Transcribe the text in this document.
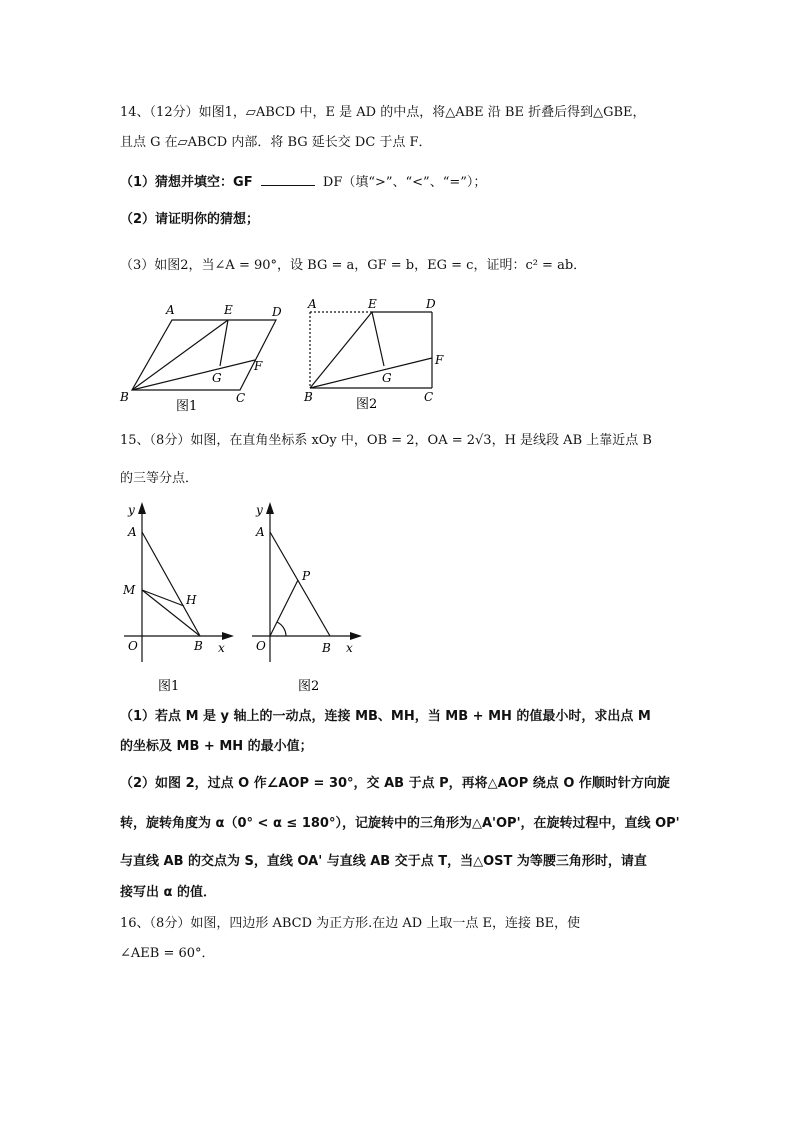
14、（12分）如图1，▱ABCD 中，E 是 AD 的中点，将△ABE 沿 BE 折叠后得到△GBE，
且点 G 在▱ABCD 内部．将 BG 延长交 DC 于点 F．
（1）猜想并填空：GF	DF（填“>”、“<”、“=”）；
（2）请证明你的猜想；
（3）如图2，当∠A = 90°，设 BG = a，GF = b，EG = c，证明：c² = ab．
A	E	D
F
G
B	C
图1
A	E	D
F
G
B	C
图2
15、（8分）如图，在直角坐标系 xOy 中，OB = 2，OA = 2√3，H 是线段 AB 上靠近点 B
的三等分点．
y
A
M
H
O	B x
图1
y
A
P
O	B x
图2
（1）若点 M 是 y 轴上的一动点，连接 MB、MH，当 MB + MH 的值最小时，求出点 M
的坐标及 MB + MH 的最小值；
（2）如图 2，过点 O 作∠AOP = 30°，交 AB 于点 P，再将△AOP 绕点 O 作顺时针方向旋
转，旋转角度为 α（0° < α ≤ 180°），记旋转中的三角形为△A'OP'，在旋转过程中，直线 OP'
与直线 AB 的交点为 S，直线 OA' 与直线 AB 交于点 T，当△OST 为等腰三角形时，请直
接写出 α 的值．
16、（8分）如图，四边形 ABCD 为正方形.在边 AD 上取一点 E，连接 BE，使
∠AEB = 60°．
